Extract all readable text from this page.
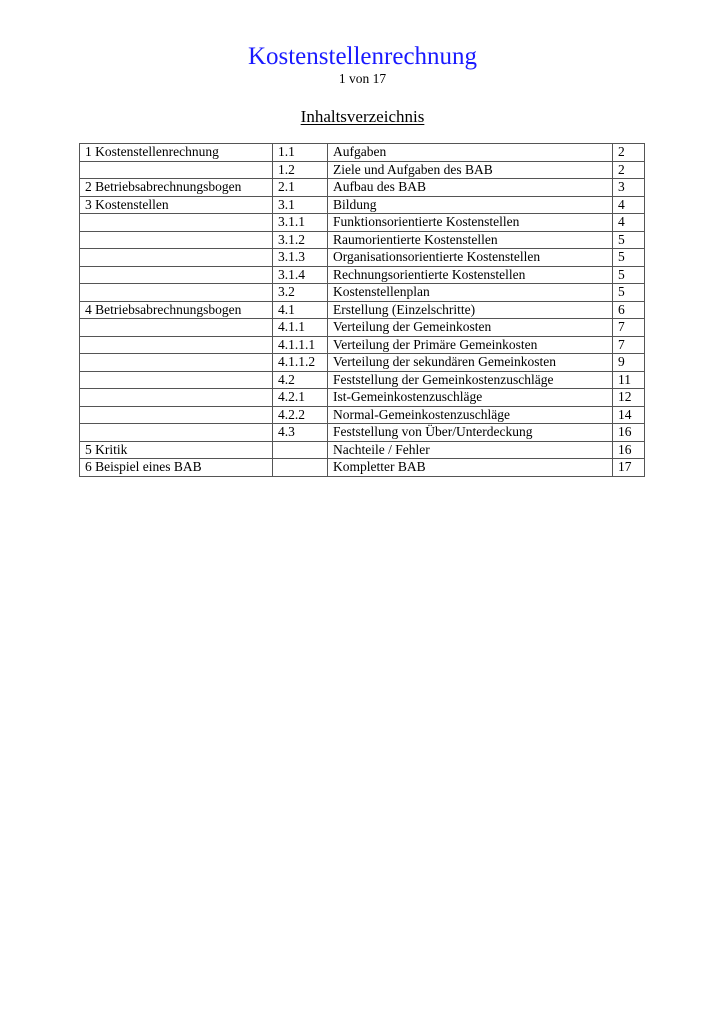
Kostenstellenrechnung
1 von 17
Inhaltsverzeichnis
1 Kostenstellenrechnung	1.1	Aufgaben	2
	1.2	Ziele und Aufgaben des BAB	2
2 Betriebsabrechnungsbogen	2.1	Aufbau des BAB	3
3 Kostenstellen	3.1	Bildung	4
	3.1.1	Funktionsorientierte Kostenstellen	4
	3.1.2	Raumorientierte Kostenstellen	5
	3.1.3	Organisationsorientierte Kostenstellen	5
	3.1.4	Rechnungsorientierte Kostenstellen	5
	3.2	Kostenstellenplan	5
4 Betriebsabrechnungsbogen	4.1	Erstellung (Einzelschritte)	6
	4.1.1	Verteilung der Gemeinkosten	7
	4.1.1.1	Verteilung der Primäre Gemeinkosten	7
	4.1.1.2	Verteilung der sekundären Gemeinkosten	9
	4.2	Feststellung der Gemeinkostenzuschläge	11
	4.2.1	Ist-Gemeinkostenzuschläge	12
	4.2.2	Normal-Gemeinkostenzuschläge	14
	4.3	Feststellung von Über/Unterdeckung	16
5 Kritik		Nachteile / Fehler	16
6 Beispiel eines BAB		Kompletter BAB	17
